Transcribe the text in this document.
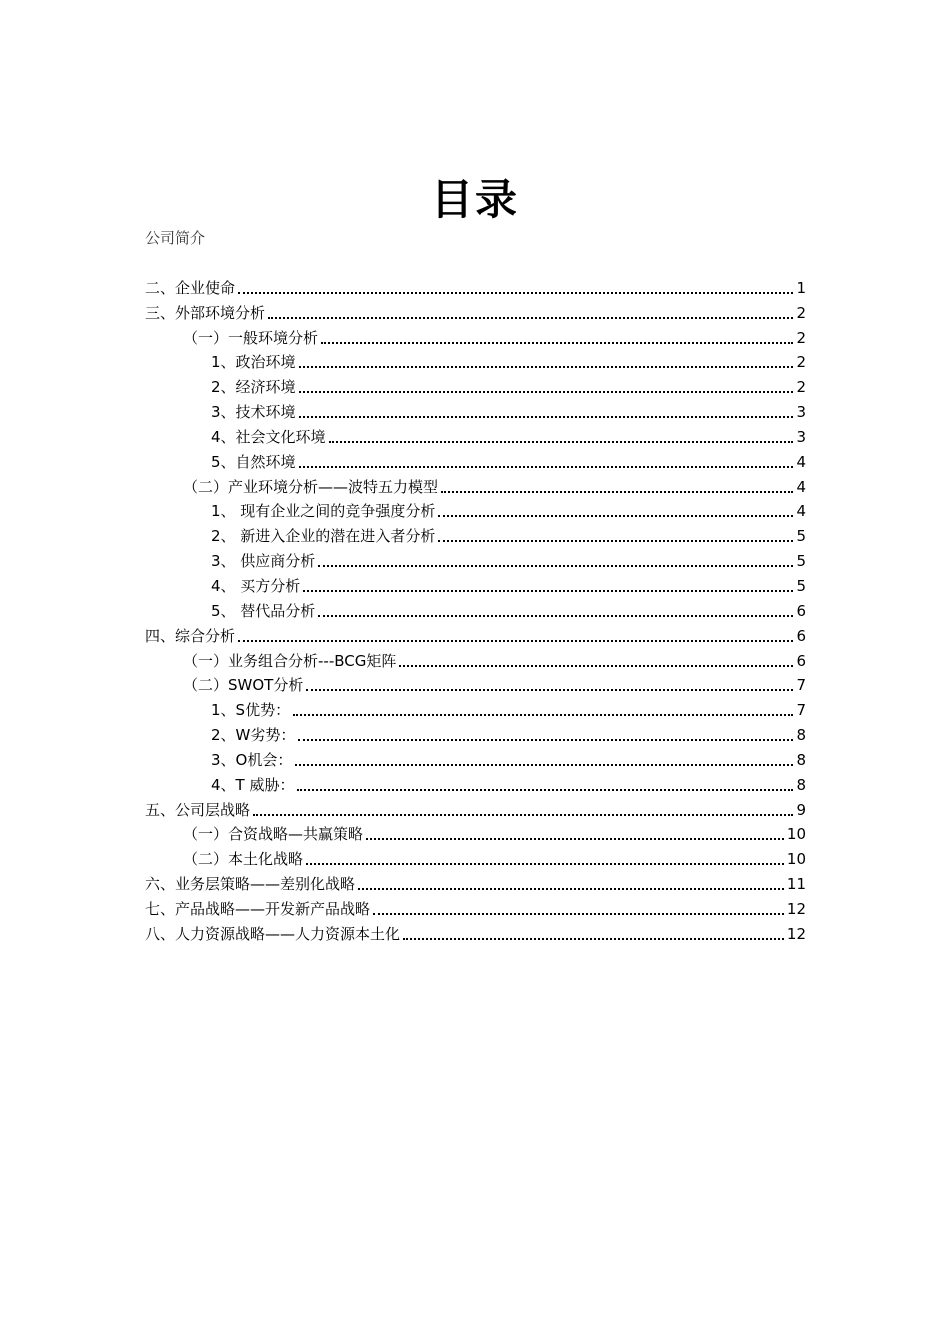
目录
公司简介
二、企业使命	1
三、外部环境分析	2
（一）一般环境分析	2
1、政治环境	2
2、经济环境	2
3、技术环境	3
4、社会文化环境	3
5、自然环境	4
（二）产业环境分析——波特五力模型	4
1、 现有企业之间的竞争强度分析	4
2、 新进入企业的潜在进入者分析	5
3、 供应商分析	5
4、 买方分析	5
5、 替代品分析	6
四、综合分析	6
（一）业务组合分析---BCG矩阵	6
（二）SWOT分析	7
1、S优势：	7
2、W劣势：	8
3、O机会：	8
4、T 威胁：	8
五、公司层战略	9
（一）合资战略—共赢策略	10
（二）本土化战略	10
六、业务层策略——差别化战略	11
七、产品战略——开发新产品战略	12
八、人力资源战略——人力资源本土化	12
